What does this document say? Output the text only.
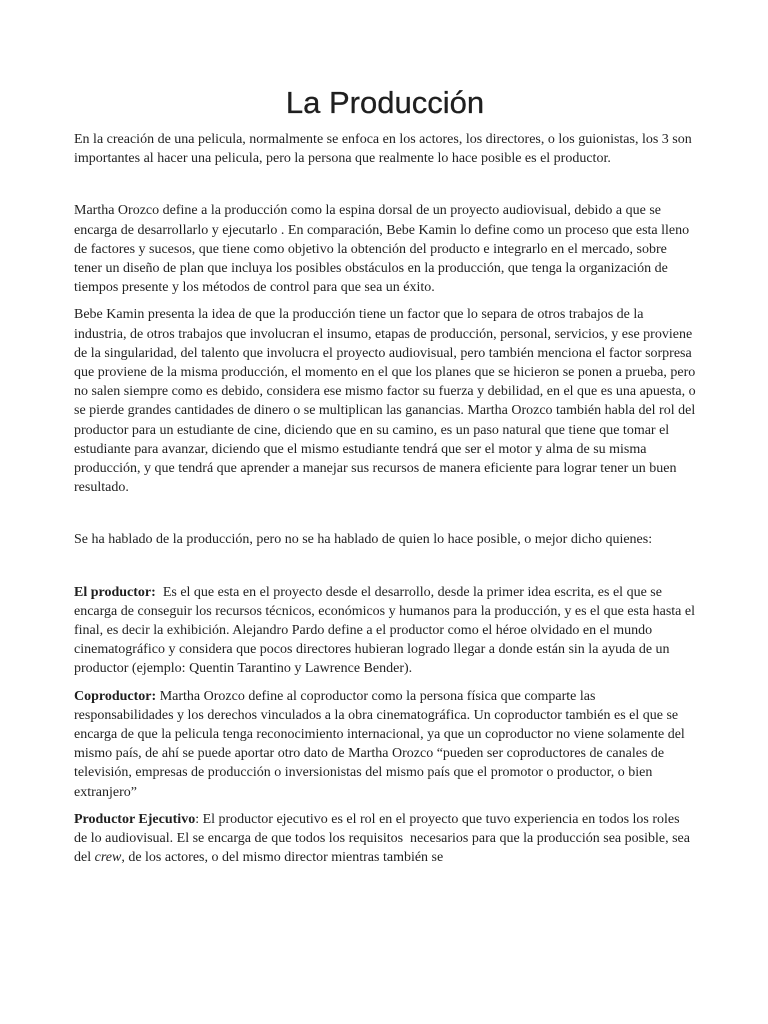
La Producción

En la creación de una pelicula, normalmente se enfoca en los actores, los directores, o los guionistas, los 3 son importantes al hacer una pelicula, pero la persona que realmente lo hace posible es el productor.

Martha Orozco define a la producción como la espina dorsal de un proyecto audiovisual, debido a que se encarga de desarrollarlo y ejecutarlo . En comparación, Bebe Kamin lo define como un proceso que esta lleno de factores y sucesos, que tiene como objetivo la obtención del producto e integrarlo en el mercado, sobre tener un diseño de plan que incluya los posibles obstáculos en la producción, que tenga la organización de tiempos presente y los métodos de control para que sea un éxito.

Bebe Kamin presenta la idea de que la producción tiene un factor que lo separa de otros trabajos de la industria, de otros trabajos que involucran el insumo, etapas de producción, personal, servicios, y ese proviene de la singularidad, del talento que involucra el proyecto audiovisual, pero también menciona el factor sorpresa que proviene de la misma producción, el momento en el que los planes que se hicieron se ponen a prueba, pero no salen siempre como es debido, considera ese mismo factor su fuerza y debilidad, en el que es una apuesta, o se pierde grandes cantidades de dinero o se multiplican las ganancias. Martha Orozco también habla del rol del productor para un estudiante de cine, diciendo que en su camino, es un paso natural que tiene que tomar el estudiante para avanzar, diciendo que el mismo estudiante tendrá que ser el motor y alma de su misma producción, y que tendrá que aprender a manejar sus recursos de manera eficiente para lograr tener un buen resultado.

Se ha hablado de la producción, pero no se ha hablado de quien lo hace posible, o mejor dicho quienes:

El productor:  Es el que esta en el proyecto desde el desarrollo, desde la primer idea escrita, es el que se encarga de conseguir los recursos técnicos, económicos y humanos para la producción, y es el que esta hasta el final, es decir la exhibición. Alejandro Pardo define a el productor como el héroe olvidado en el mundo cinematográfico y considera que pocos directores hubieran logrado llegar a donde están sin la ayuda de un productor (ejemplo: Quentin Tarantino y Lawrence Bender).

Coproductor: Martha Orozco define al coproductor como la persona física que comparte las responsabilidades y los derechos vinculados a la obra cinematográfica. Un coproductor también es el que se encarga de que la pelicula tenga reconocimiento internacional, ya que un coproductor no viene solamente del mismo país, de ahí se puede aportar otro dato de Martha Orozco “pueden ser coproductores de canales de televisión, empresas de producción o inversionistas del mismo país que el promotor o productor, o bien extranjero”

Productor Ejecutivo: El productor ejecutivo es el rol en el proyecto que tuvo experiencia en todos los roles de lo audiovisual. El se encarga de que todos los requisitos  necesarios para que la producción sea posible, sea del crew, de los actores, o del mismo director mientras también se
